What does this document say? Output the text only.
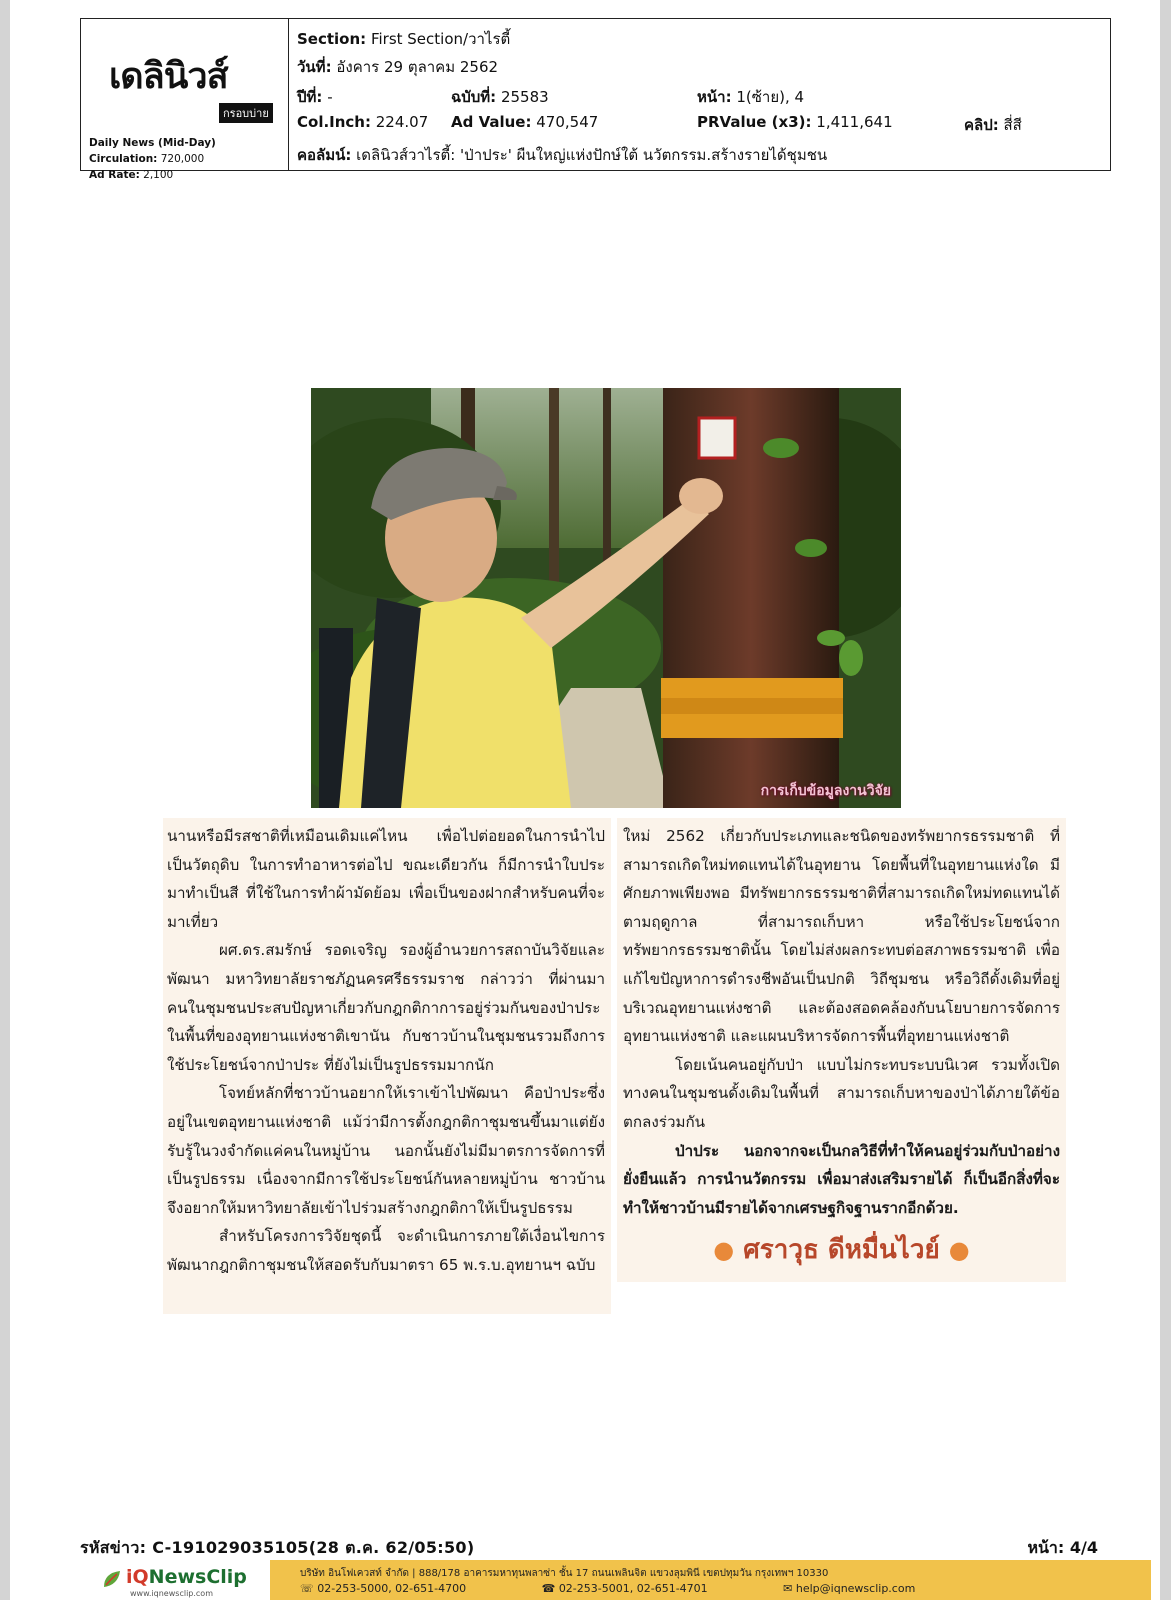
เดลินิวส์
กรอบบ่าย
Daily News (Mid-Day)
Circulation: 720,000
Ad Rate: 2,100
Section: First Section/วาไรตี้
วันที่: อังคาร 29 ตุลาคม 2562
ปีที่: -	ฉบับที่: 25583	หน้า: 1(ซ้าย), 4
Col.Inch: 224.07 Ad Value: 470,547	PRValue (x3): 1,411,641	คลิป: สี่สี
คอลัมน์: เดลินิวส์วาไรตี้: 'ป่าประ' ผืนใหญ่แห่งปักษ์ใต้ นวัตกรรม.สร้างรายได้ชุมชน
การเก็บข้อมูลงานวิจัย

นานหรือมีรสชาติที่เหมือนเดิมแค่ไหน เพื่อไปต่อยอดในการนำไปเป็นวัตถุดิบ ในการทำอาหารต่อไป ขณะเดียวกัน ก็มีการนำใบประมาทำเป็นสี ที่ใช้ในการทำผ้ามัดย้อม เพื่อเป็นของฝากสำหรับคนที่จะมาเที่ยว

ผศ.ดร.สมรักษ์ รอดเจริญ รองผู้อำนวยการสถาบันวิจัยและพัฒนา มหาวิทยาลัยราชภัฏนครศรีธรรมราช กล่าวว่า ที่ผ่านมา คนในชุมชนประสบปัญหาเกี่ยวกับกฎกติกาการอยู่ร่วมกันของป่าประ ในพื้นที่ของอุทยานแห่งชาติเขานัน กับชาวบ้านในชุมชนรวมถึงการใช้ประโยชน์จากป่าประ ที่ยังไม่เป็นรูปธรรมมากนัก

โจทย์หลักที่ชาวบ้านอยากให้เราเข้าไปพัฒนา คือป่าประซึ่งอยู่ในเขตอุทยานแห่งชาติ แม้ว่ามีการตั้งกฎกติกาชุมชนขึ้นมาแต่ยังรับรู้ในวงจำกัดแค่คนในหมู่บ้าน นอกนั้นยังไม่มีมาตรการจัดการที่เป็นรูปธรรม เนื่องจากมีการใช้ประโยชน์กันหลายหมู่บ้าน ชาวบ้านจึงอยากให้มหาวิทยาลัยเข้าไปร่วมสร้างกฎกติกาให้เป็นรูปธรรม

สำหรับโครงการวิจัยชุดนี้ จะดำเนินการภายใต้เงื่อนไขการพัฒนากฎกติกาชุมชนให้สอดรับกับมาตรา 65 พ.ร.บ.อุทยานฯ ฉบับ

ใหม่ 2562 เกี่ยวกับประเภทและชนิดของทรัพยากรธรรมชาติ ที่สามารถเกิดใหม่ทดแทนได้ในอุทยาน โดยพื้นที่ในอุทยานแห่งใด มีศักยภาพเพียงพอ มีทรัพยากรธรรมชาติที่สามารถเกิดใหม่ทดแทนได้ตามฤดูกาล ที่สามารถเก็บหา หรือใช้ประโยชน์จากทรัพยากรธรรมชาตินั้น โดยไม่ส่งผลกระทบต่อสภาพธรรมชาติ เพื่อแก้ไขปัญหาการดำรงชีพอันเป็นปกติ วิถีชุมชน หรือวิถีดั้งเดิมที่อยู่บริเวณอุทยานแห่งชาติ และต้องสอดคล้องกับนโยบายการจัดการอุทยานแห่งชาติ และแผนบริหารจัดการพื้นที่อุทยานแห่งชาติ

โดยเน้นคนอยู่กับป่า แบบไม่กระทบระบบนิเวศ รวมทั้งเปิดทางคนในชุมชนดั้งเดิมในพื้นที่ สามารถเก็บหาของป่าได้ภายใต้ข้อตกลงร่วมกัน

ป่าประ นอกจากจะเป็นกลวิธีที่ทำให้คนอยู่ร่วมกับป่าอย่างยั่งยืนแล้ว การนำนวัตกรรม เพื่อมาส่งเสริมรายได้ ก็เป็นอีกสิ่งที่จะทำให้ชาวบ้านมีรายได้จากเศรษฐกิจฐานรากอีกด้วย.

● ศราวุธ ดีหมื่นไวย์ ●
รหัสข่าว: C-191029035105(28 ต.ค. 62/05:50)	หน้า: 4/4
iQNewsClip
www.iqnewsclip.com
บริษัท อินโฟเควสท์ จำกัด | 888/178 อาคารมหาทุนพลาซ่า ชั้น 17 ถนนเพลินจิต แขวงลุมพินี เขตปทุมวัน กรุงเทพฯ 10330
☏ 02-253-5000, 02-651-4700	☎ 02-253-5001, 02-651-4701	✉ help@iqnewsclip.com
